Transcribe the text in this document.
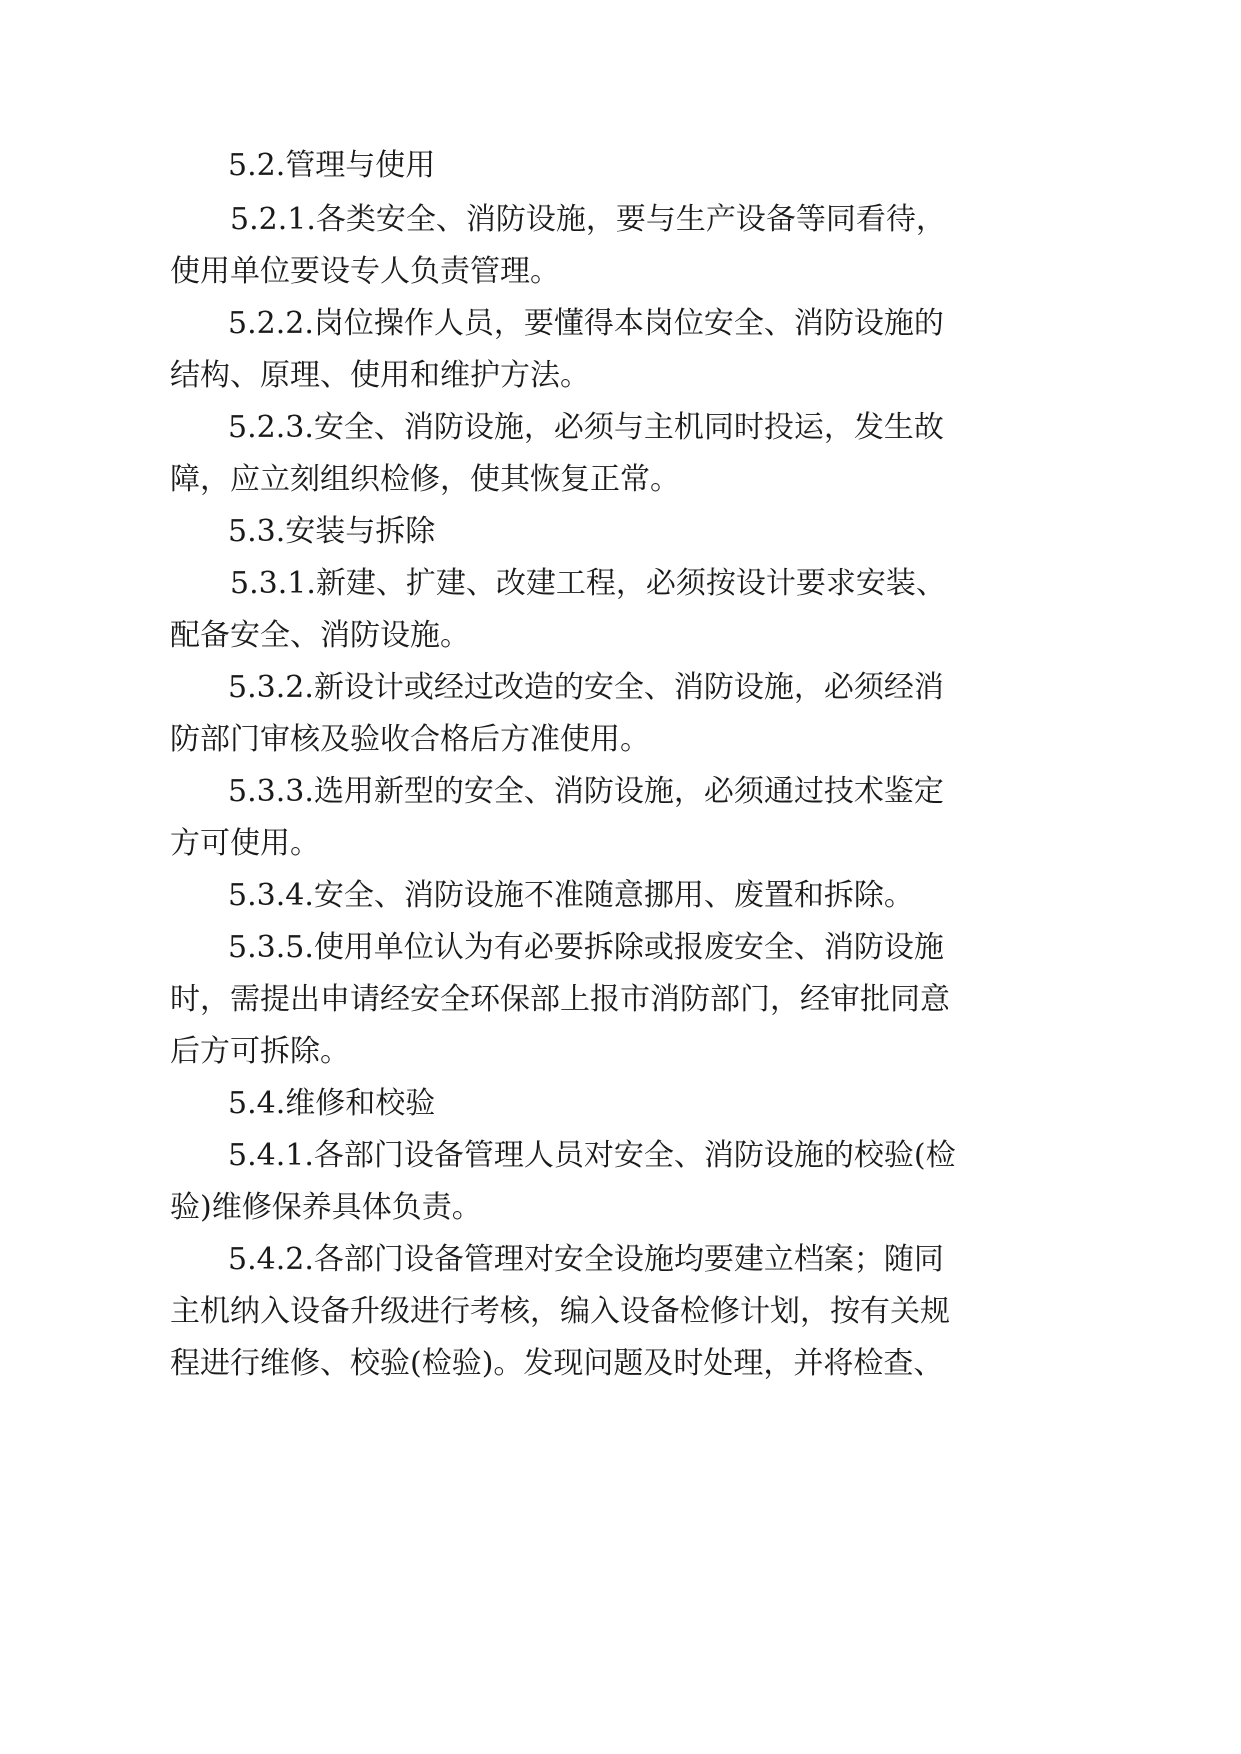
5.2.管理与使用
5.2.1.各类安全、消防设施，要与生产设备等同看待，
使用单位要设专人负责管理。
5.2.2.岗位操作人员，要懂得本岗位安全、消防设施的
结构、原理、使用和维护方法。
5.2.3.安全、消防设施，必须与主机同时投运，发生故
障，应立刻组织检修，使其恢复正常。
5.3.安装与拆除
5.3.1.新建、扩建、改建工程，必须按设计要求安装、
配备安全、消防设施。
5.3.2.新设计或经过改造的安全、消防设施，必须经消
防部门审核及验收合格后方准使用。
5.3.3.选用新型的安全、消防设施，必须通过技术鉴定
方可使用。
5.3.4.安全、消防设施不准随意挪用、废置和拆除。
5.3.5.使用单位认为有必要拆除或报废安全、消防设施
时，需提出申请经安全环保部上报市消防部门，经审批同意
后方可拆除。
5.4.维修和校验
5.4.1.各部门设备管理人员对安全、消防设施的校验(检
验)维修保养具体负责。
5.4.2.各部门设备管理对安全设施均要建立档案；随同
主机纳入设备升级进行考核，编入设备检修计划，按有关规
程进行维修、校验(检验)。发现问题及时处理，并将检查、
